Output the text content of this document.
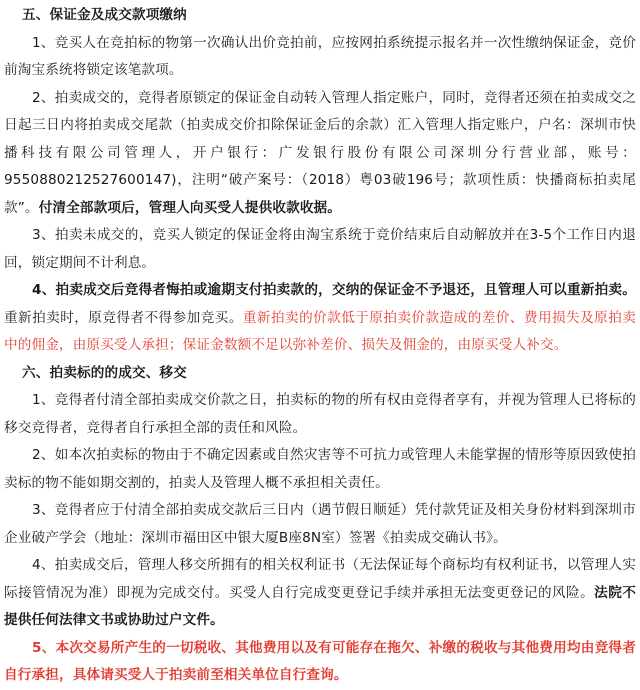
五、保证金及成交款项缴纳

1、竞买人在竞拍标的物第一次确认出价竞拍前，应按网拍系统提示报名并一次性缴纳保证金，竞价前淘宝系统将锁定该笔款项。

2、拍卖成交的，竞得者原锁定的保证金自动转入管理人指定账户，同时，竞得者还须在拍卖成交之日起三日内将拍卖成交尾款（拍卖成交价扣除保证金后的余款）汇入管理人指定账户，户名：深圳市快播科技有限公司管理人，开户银行：广发银行股份有限公司深圳分行营业部，账号：9550880212527600147)，注明“破产案号：（2018）粤03破196号；款项性质：快播商标拍卖尾款”。付清全部款项后，管理人向买受人提供收款收据。

3、拍卖未成交的，竞买人锁定的保证金将由淘宝系统于竞价结束后自动解放并在3-5个工作日内退回，锁定期间不计利息。

4、拍卖成交后竞得者悔拍或逾期支付拍卖款的，交纳的保证金不予退还，且管理人可以重新拍卖。重新拍卖时，原竞得者不得参加竞买。重新拍卖的价款低于原拍卖价款造成的差价、费用损失及原拍卖中的佣金，由原买受人承担；保证金数额不足以弥补差价、损失及佣金的，由原买受人补交。

六、拍卖标的的成交、移交

1、竞得者付清全部拍卖成交价款之日，拍卖标的物的所有权由竞得者享有，并视为管理人已将标的移交竞得者，竞得者自行承担全部的责任和风险。

2、如本次拍卖标的物由于不确定因素或自然灾害等不可抗力或管理人未能掌握的情形等原因致使拍卖标的物不能如期交割的，拍卖人及管理人概不承担相关责任。

3、竞得者应于付清全部拍卖成交款后三日内（遇节假日顺延）凭付款凭证及相关身份材料到深圳市企业破产学会（地址：深圳市福田区中银大厦B座8N室）签署《拍卖成交确认书》。

4、拍卖成交后，管理人移交所拥有的相关权利证书（无法保证每个商标均有权利证书，以管理人实际接管情况为准）即视为完成交付。买受人自行完成变更登记手续并承担无法变更登记的风险。法院不提供任何法律文书或协助过户文件。

5、本次交易所产生的一切税收、其他费用以及有可能存在拖欠、补缴的税收与其他费用均由竞得者自行承担，具体请买受人于拍卖前至相关单位自行查询。
